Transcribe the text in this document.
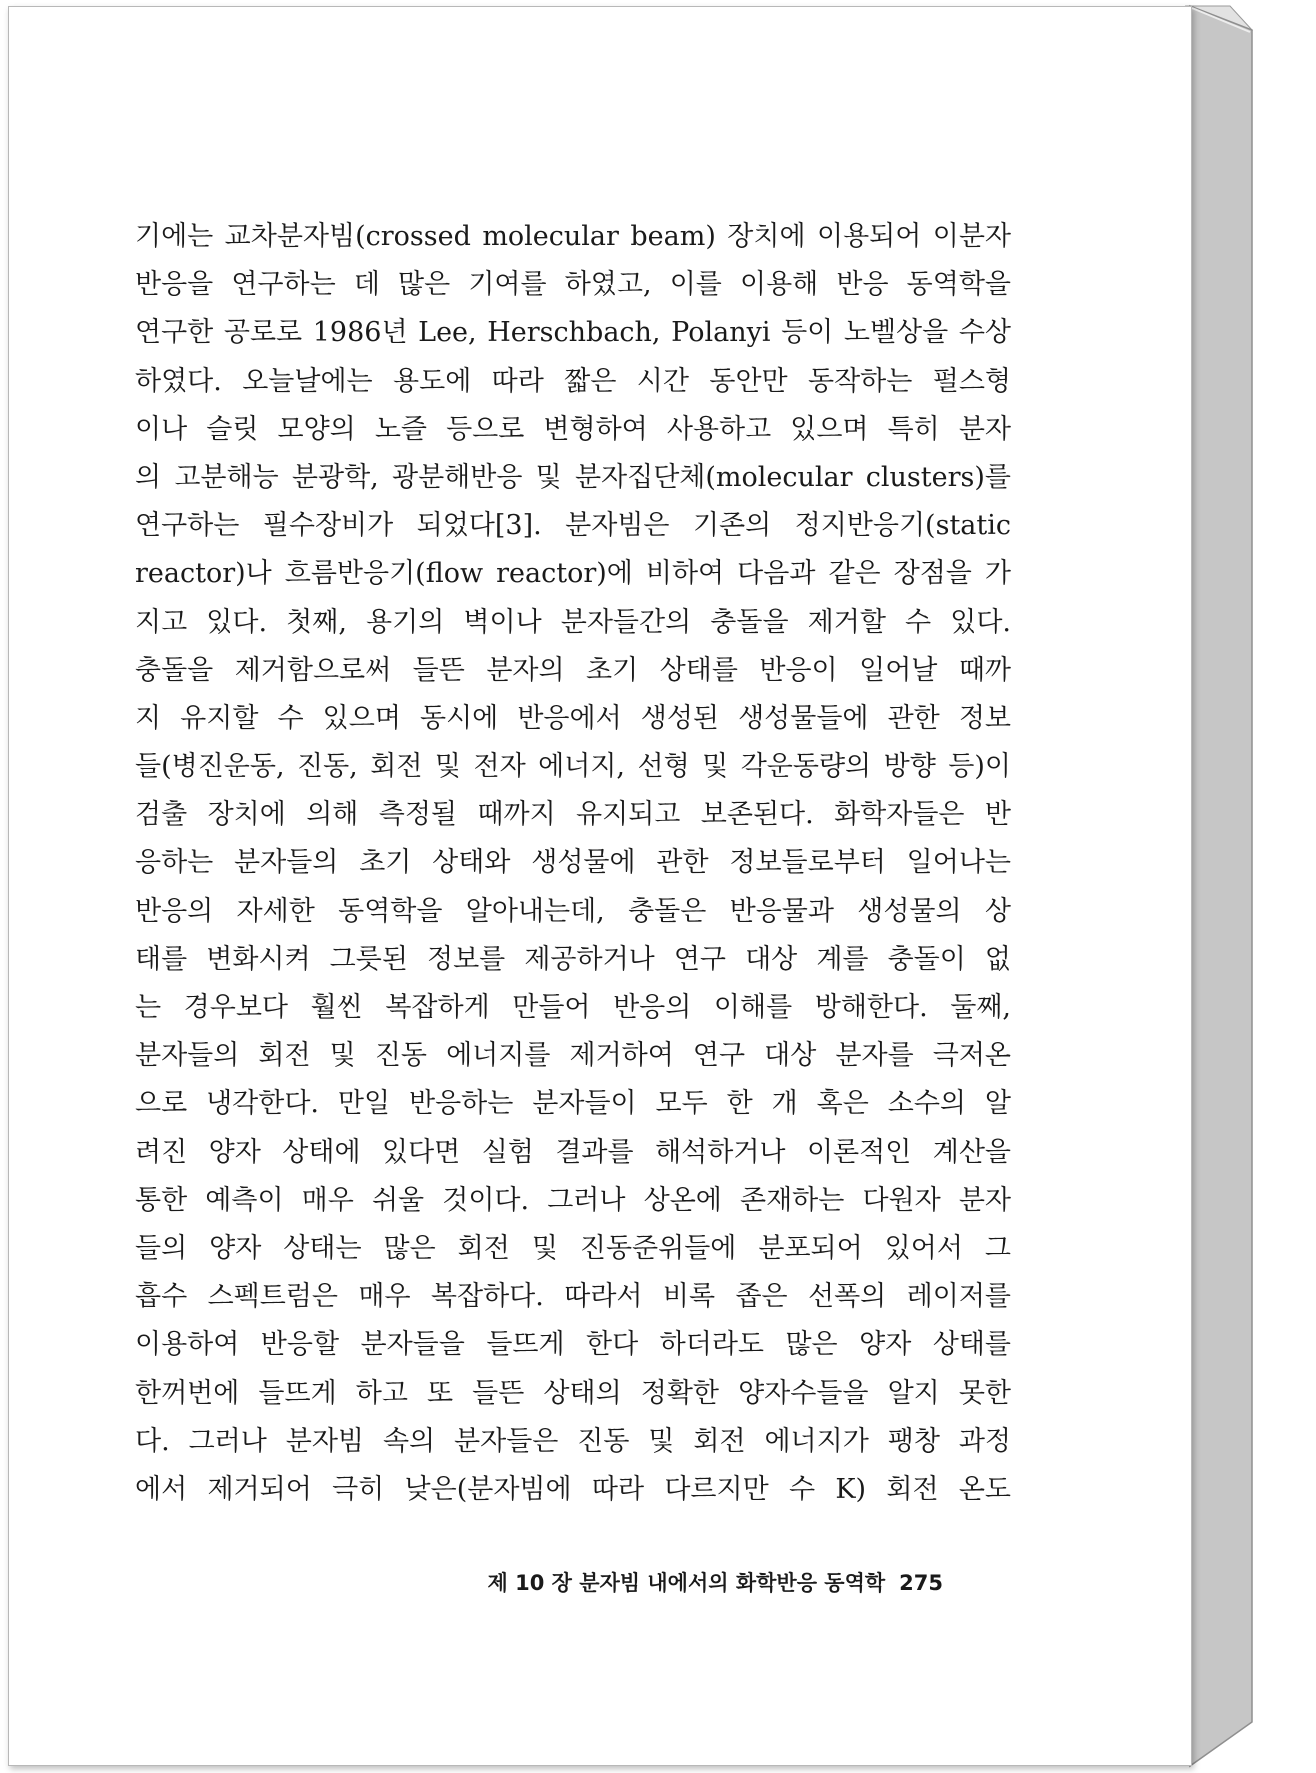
기에는 교차분자빔(crossed molecular beam) 장치에 이용되어 이분자
반응을 연구하는 데 많은 기여를 하였고, 이를 이용해 반응 동역학을
연구한 공로로 1986년 Lee, Herschbach, Polanyi 등이 노벨상을 수상
하였다. 오늘날에는 용도에 따라 짧은 시간 동안만 동작하는 펄스형
이나 슬릿 모양의 노즐 등으로 변형하여 사용하고 있으며 특히 분자
의 고분해능 분광학, 광분해반응 및 분자집단체(molecular clusters)를
연구하는 필수장비가 되었다[3]. 분자빔은 기존의 정지반응기(static
reactor)나 흐름반응기(flow reactor)에 비하여 다음과 같은 장점을 가
지고 있다. 첫째, 용기의 벽이나 분자들간의 충돌을 제거할 수 있다.
충돌을 제거함으로써 들뜬 분자의 초기 상태를 반응이 일어날 때까
지 유지할 수 있으며 동시에 반응에서 생성된 생성물들에 관한 정보
들(병진운동, 진동, 회전 및 전자 에너지, 선형 및 각운동량의 방향 등)이
검출 장치에 의해 측정될 때까지 유지되고 보존된다. 화학자들은 반
응하는 분자들의 초기 상태와 생성물에 관한 정보들로부터 일어나는
반응의 자세한 동역학을 알아내는데, 충돌은 반응물과 생성물의 상
태를 변화시켜 그릇된 정보를 제공하거나 연구 대상 계를 충돌이 없
는 경우보다 훨씬 복잡하게 만들어 반응의 이해를 방해한다. 둘째,
분자들의 회전 및 진동 에너지를 제거하여 연구 대상 분자를 극저온
으로 냉각한다. 만일 반응하는 분자들이 모두 한 개 혹은 소수의 알
려진 양자 상태에 있다면 실험 결과를 해석하거나 이론적인 계산을
통한 예측이 매우 쉬울 것이다. 그러나 상온에 존재하는 다원자 분자
들의 양자 상태는 많은 회전 및 진동준위들에 분포되어 있어서 그
흡수 스펙트럼은 매우 복잡하다. 따라서 비록 좁은 선폭의 레이저를
이용하여 반응할 분자들을 들뜨게 한다 하더라도 많은 양자 상태를
한꺼번에 들뜨게 하고 또 들뜬 상태의 정확한 양자수들을 알지 못한
다. 그러나 분자빔 속의 분자들은 진동 및 회전 에너지가 팽창 과정
에서 제거되어 극히 낮은(분자빔에 따라 다르지만 수 K) 회전 온도
제 10 장 분자빔 내에서의 화학반응 동역학 275
